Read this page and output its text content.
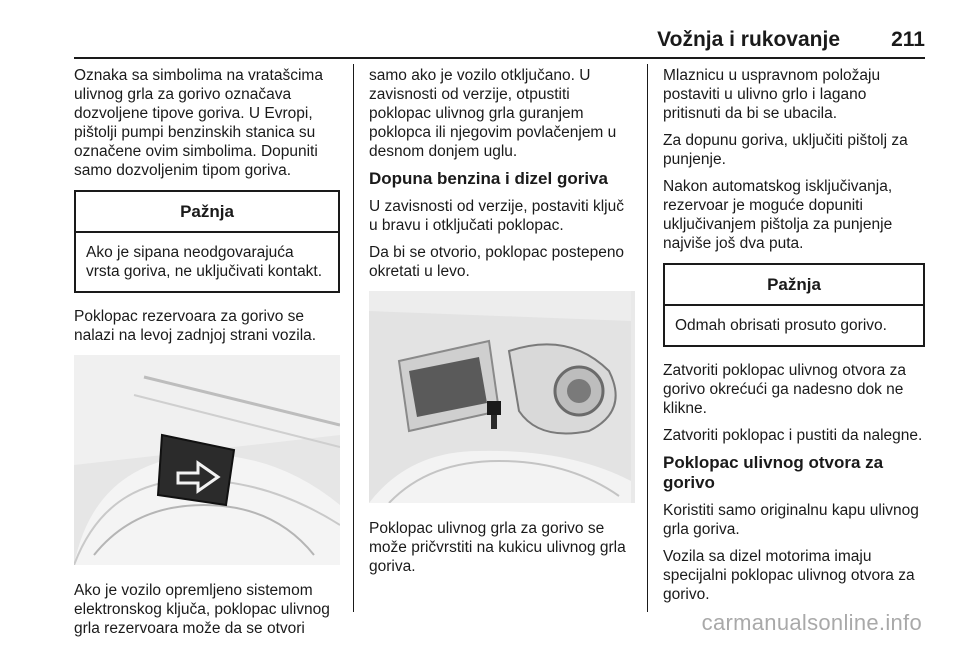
Vožnja i rukovanje 211

Oznaka sa simbolima na vratašcima ulivnog grla za gorivo označava dozvoljene tipove goriva. U Evropi, pištolji pumpi benzinskih stanica su označene ovim simbolima. Dopuniti samo dozvoljenim tipom goriva.

Pažnja
Ako je sipana neodgovarajuća vrsta goriva, ne uključivati kontakt.

Poklopac rezervoara za gorivo se nalazi na levoj zadnjoj strani vozila.

Ako je vozilo opremljeno sistemom elektronskog ključa, poklopac ulivnog grla rezervoara može da se otvori

samo ako je vozilo otključano. U zavisnosti od verzije, otpustiti poklopac ulivnog grla guranjem poklopca ili njegovim povlačenjem u desnom donjem uglu.

Dopuna benzina i dizel goriva

U zavisnosti od verzije, postaviti ključ u bravu i otključati poklopac.

Da bi se otvorio, poklopac postepeno okretati u levo.

Poklopac ulivnog grla za gorivo se može pričvrstiti na kukicu ulivnog grla goriva.

Mlaznicu u uspravnom položaju postaviti u ulivno grlo i lagano pritisnuti da bi se ubacila.

Za dopunu goriva, uključiti pištolj za punjenje.

Nakon automatskog isključivanja, rezervoar je moguće dopuniti uključivanjem pištolja za punjenje najviše još dva puta.

Pažnja
Odmah obrisati prosuto gorivo.

Zatvoriti poklopac ulivnog otvora za gorivo okrećući ga nadesno dok ne klikne.

Zatvoriti poklopac i pustiti da nalegne.

Poklopac ulivnog otvora za gorivo

Koristiti samo originalnu kapu ulivnog grla goriva.

Vozila sa dizel motorima imaju specijalni poklopac ulivnog otvora za gorivo.

carmanualsonline.info
